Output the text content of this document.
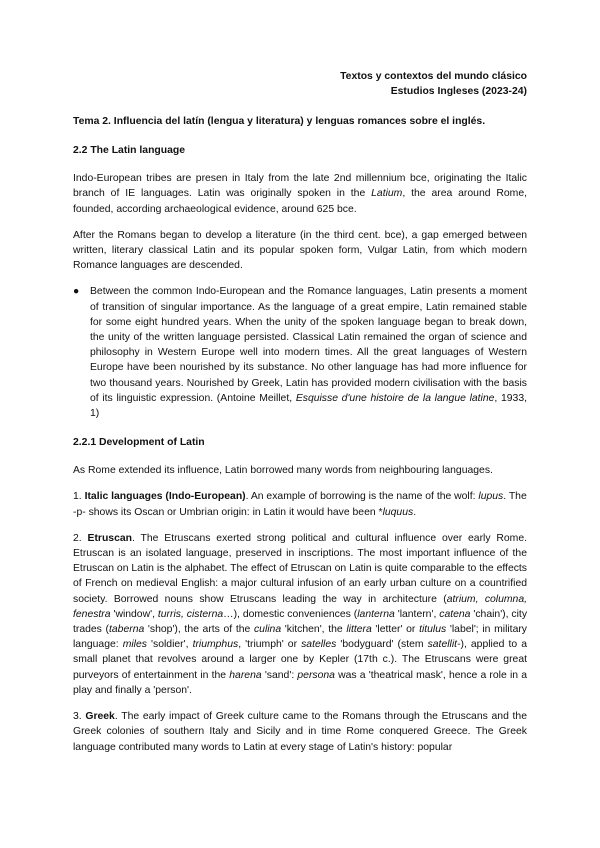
Textos y contextos del mundo clásico
Estudios Ingleses (2023-24)
Tema 2. Influencia del latín (lengua y literatura) y lenguas romances sobre el inglés.
2.2 The Latin language

Indo-European tribes are presen in Italy from the late 2nd millennium bce, originating the Italic branch of IE languages. Latin was originally spoken in the Latium, the area around Rome, founded, according archaeological evidence, around 625 bce.

After the Romans began to develop a literature (in the third cent. bce), a gap emerged between written, literary classical Latin and its popular spoken form, Vulgar Latin, from which modern Romance languages are descended.

● Between the common Indo-European and the Romance languages, Latin presents a moment of transition of singular importance. As the language of a great empire, Latin remained stable for some eight hundred years. When the unity of the spoken language began to break down, the unity of the written language persisted. Classical Latin remained the organ of science and philosophy in Western Europe well into modern times. All the great languages of Western Europe have been nourished by its substance. No other language has had more influence for two thousand years. Nourished by Greek, Latin has provided modern civilisation with the basis of its linguistic expression. (Antoine Meillet, Esquisse d'une histoire de la langue latine, 1933, 1)
2.2.1 Development of Latin

As Rome extended its influence, Latin borrowed many words from neighbouring languages.

1. Italic languages (Indo-European). An example of borrowing is the name of the wolf: lupus. The -p- shows its Oscan or Umbrian origin: in Latin it would have been *luquus.

2. Etruscan. The Etruscans exerted strong political and cultural influence over early Rome. Etruscan is an isolated language, preserved in inscriptions. The most important influence of the Etruscan on Latin is the alphabet. The effect of Etruscan on Latin is quite comparable to the effects of French on medieval English: a major cultural infusion of an early urban culture on a countrified society. Borrowed nouns show Etruscans leading the way in architecture (atrium, columna, fenestra 'window', turris, cisterna…), domestic conveniences (lanterna 'lantern', catena 'chain'), city trades (taberna 'shop'), the arts of the culina 'kitchen', the littera 'letter' or titulus 'label'; in military language: miles 'soldier', triumphus, 'triumph' or satelles 'bodyguard' (stem satellit-), applied to a small planet that revolves around a larger one by Kepler (17th c.). The Etruscans were great purveyors of entertainment in the harena 'sand': persona was a 'theatrical mask', hence a role in a play and finally a 'person'.

3. Greek. The early impact of Greek culture came to the Romans through the Etruscans and the Greek colonies of southern Italy and Sicily and in time Rome conquered Greece. The Greek language contributed many words to Latin at every stage of Latin's history: popular
